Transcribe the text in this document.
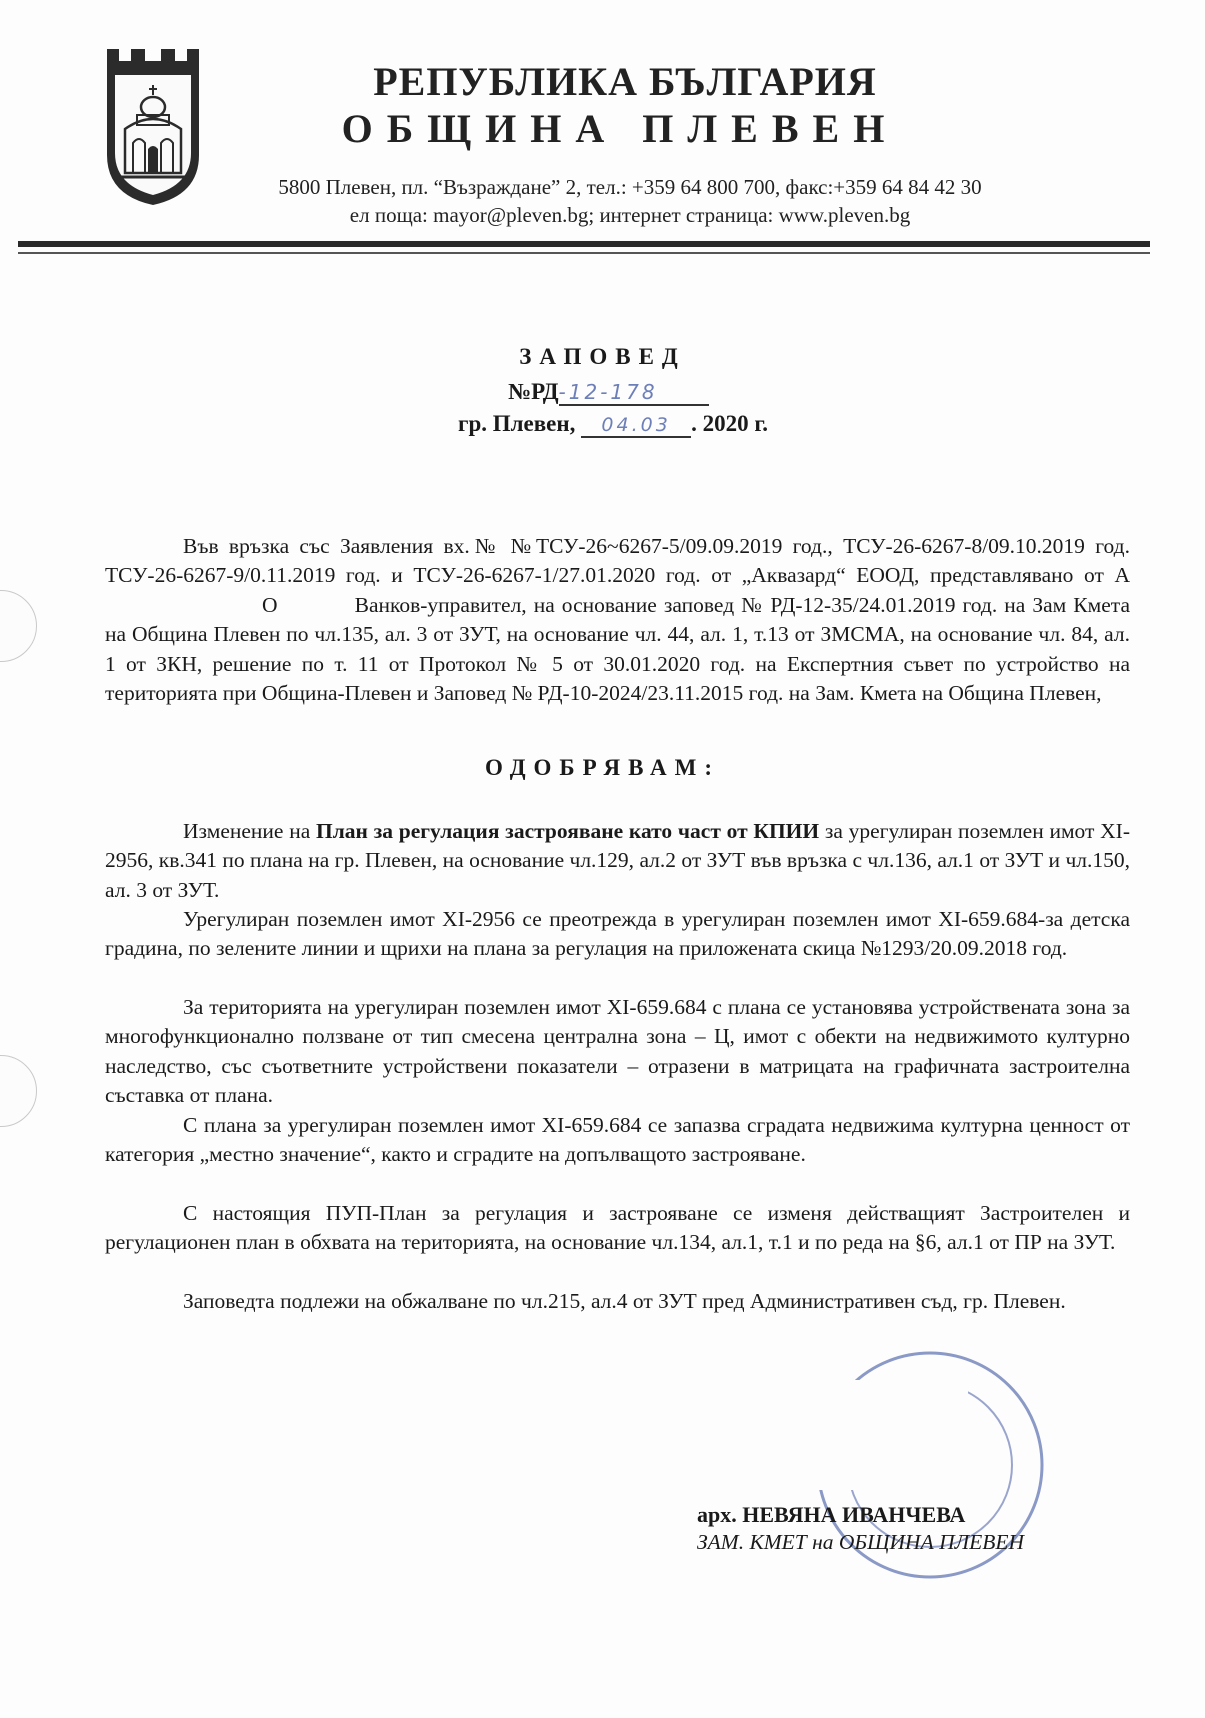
РЕПУБЛИКА БЪЛГАРИЯ
ОБЩИНА ПЛЕВЕН
5800 Плевен, пл. “Възраждане” 2, тел.: +359 64 800 700, факс:+359 64 84 42 30
ел поща: mayor@pleven.bg; интернет страница: www.pleven.bg
ЗАПОВЕД
№РД-12-178
гр. Плевен, 04.03 . 2020 г.
Във връзка със Заявления вх.№ №ТСУ-26~6267-5/09.09.2019 год., ТСУ-26-6267-8/09.10.2019 год. ТСУ-26-6267-9/0.11.2019 год. и ТСУ-26-6267-1/27.01.2020 год. от „Аквазард“ ЕООД, представлявано от А О	Ванков-управител, на основание заповед № РД-12-35/24.01.2019 год. на Зам Кмета на Община Плевен по чл.135, ал. 3 от ЗУТ, на основание чл. 44, ал. 1, т.13 от ЗМСМА, на основание чл. 84, ал. 1 от ЗКН, решение по т. 11 от Протокол № 5 от 30.01.2020 год. на Експертния съвет по устройство на територията при Община-Плевен и Заповед № РД-10-2024/23.11.2015 год. на Зам. Кмета на Община Плевен,
ОДОБРЯВАМ:
Изменение на План за регулация застрояване като част от КПИИ за урегулиран поземлен имот XI-2956, кв.341 по плана на гр. Плевен, на основание чл.129, ал.2 от ЗУТ във връзка с чл.136, ал.1 от ЗУТ и чл.150, ал. 3 от ЗУТ.
Урегулиран поземлен имот XI-2956 се преотрежда в урегулиран поземлен имот XI-659.684-за детска градина, по зелените линии и щрихи на плана за регулация на приложената скица №1293/20.09.2018 год.
За територията на урегулиран поземлен имот XI-659.684 с плана се установява устройствената зона за многофункционално ползване от тип смесена централна зона – Ц, имот с обекти на недвижимото културно наследство, със съответните устройствени показатели – отразени в матрицата на графичната застроителна съставка от плана.
С плана за урегулиран поземлен имот XI-659.684 се запазва сградата недвижима културна ценност от категория „местно значение“, както и сградите на допълващото застрояване.
С настоящия ПУП-План за регулация и застрояване се изменя действащият Застроителен и регулационен план в обхвата на територията, на основание чл.134, ал.1, т.1 и по реда на §6, ал.1 от ПР на ЗУТ.
Заповедта подлежи на обжалване по чл.215, ал.4 от ЗУТ пред Административен съд, гр. Плевен.
арх. НЕВЯНА ИВАНЧЕВА
ЗАМ. КМЕТ на ОБЩИНА ПЛЕВЕН
